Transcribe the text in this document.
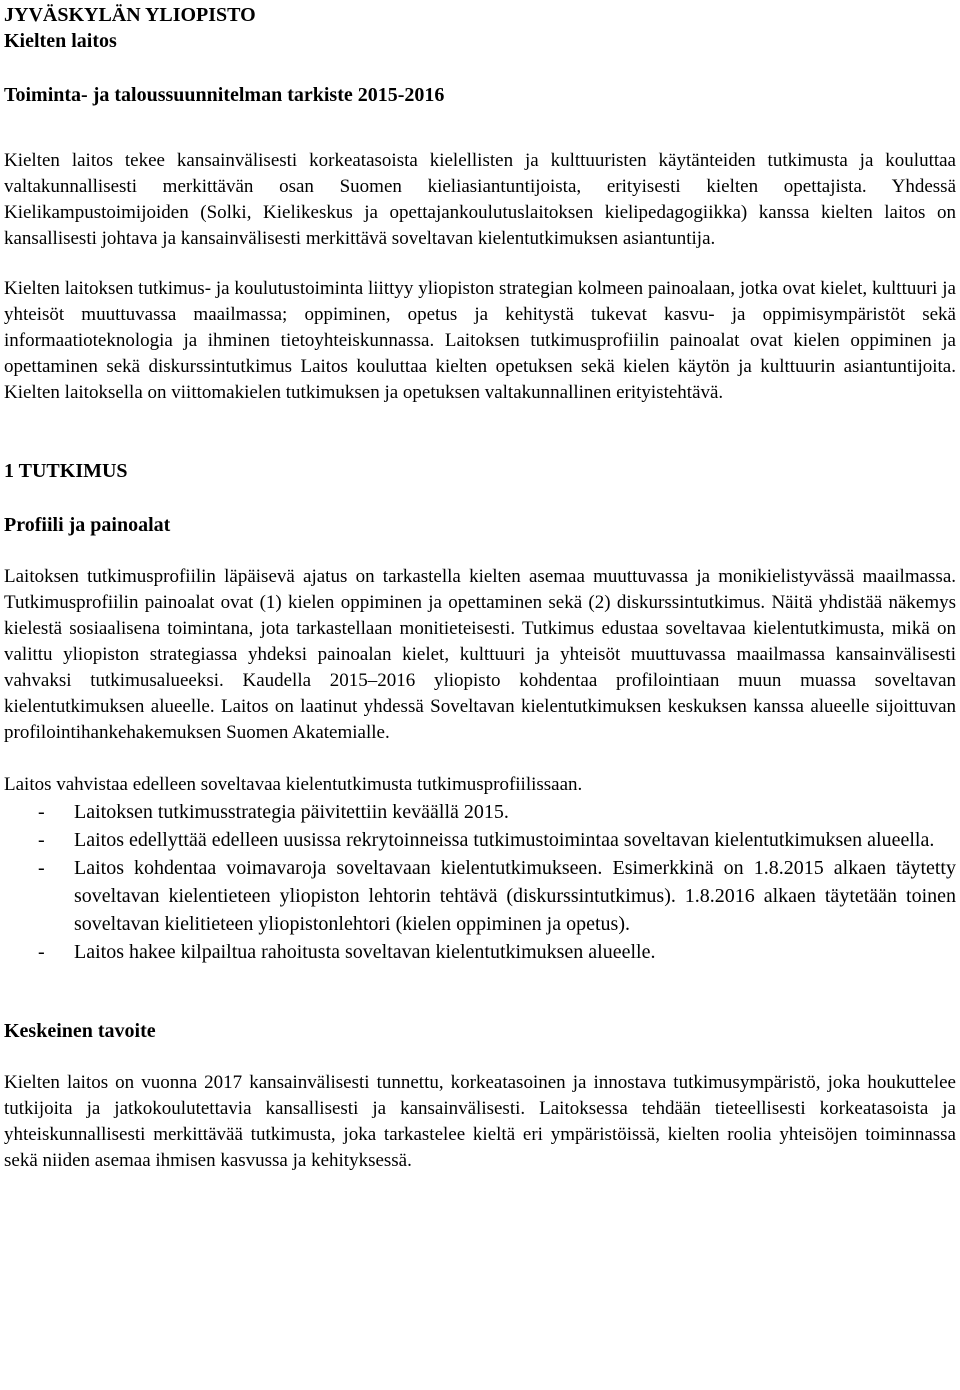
JYVÄSKYLÄN YLIOPISTO
Kielten laitos
Toiminta- ja taloussuunnitelman tarkiste 2015-2016

Kielten laitos tekee kansainvälisesti korkeatasoista kielellisten ja kulttuuristen käytänteiden tutkimusta ja kouluttaa valtakunnallisesti merkittävän osan Suomen kieliasiantuntijoista, erityisesti kielten opettajista. Yhdessä Kielikampustoimijoiden (Solki, Kielikeskus ja opettajankoulutuslaitoksen kielipedagogiikka) kanssa kielten laitos on kansallisesti johtava ja kansainvälisesti merkittävä soveltavan kielentutkimuksen asiantuntija.

Kielten laitoksen tutkimus- ja koulutustoiminta liittyy yliopiston strategian kolmeen painoalaan, jotka ovat kielet, kulttuuri ja yhteisöt muuttuvassa maailmassa; oppiminen, opetus ja kehitystä tukevat kasvu- ja oppimisympäristöt sekä informaatioteknologia ja ihminen tietoyhteiskunnassa. Laitoksen tutkimusprofiilin painoalat ovat kielen oppiminen ja opettaminen sekä diskurssintutkimus Laitos kouluttaa kielten opetuksen sekä kielen käytön ja kulttuurin asiantuntijoita. Kielten laitoksella on viittomakielen tutkimuksen ja opetuksen valtakunnallinen erityistehtävä.

1 TUTKIMUS
Profiili ja painoalat

Laitoksen tutkimusprofiilin läpäisevä ajatus on tarkastella kielten asemaa muuttuvassa ja monikielistyvässä maailmassa. Tutkimusprofiilin painoalat ovat (1) kielen oppiminen ja opettaminen sekä (2) diskurssintutkimus. Näitä yhdistää näkemys kielestä sosiaalisena toimintana, jota tarkastellaan monitieteisesti. Tutkimus edustaa soveltavaa kielentutkimusta, mikä on valittu yliopiston strategiassa yhdeksi painoalan kielet, kulttuuri ja yhteisöt muuttuvassa maailmassa kansainvälisesti vahvaksi tutkimusalueeksi. Kaudella 2015–2016 yliopisto kohdentaa profilointiaan muun muassa soveltavan kielentutkimuksen alueelle. Laitos on laatinut yhdessä Soveltavan kielentutkimuksen keskuksen kanssa alueelle sijoittuvan profilointihankehakemuksen Suomen Akatemialle.

Laitos vahvistaa edelleen soveltavaa kielentutkimusta tutkimusprofiilissaan.

- Laitoksen tutkimusstrategia päivitettiin keväällä 2015.
- Laitos edellyttää edelleen uusissa rekrytoinneissa tutkimustoimintaa soveltavan kielentutkimuksen alueella.
- Laitos kohdentaa voimavaroja soveltavaan kielentutkimukseen. Esimerkkinä on 1.8.2015 alkaen täytetty soveltavan kielentieteen yliopiston lehtorin tehtävä (diskurssintutkimus). 1.8.2016 alkaen täytetään toinen soveltavan kielitieteen yliopistonlehtori (kielen oppiminen ja opetus).
- Laitos hakee kilpailtua rahoitusta soveltavan kielentutkimuksen alueelle.
Keskeinen tavoite

Kielten laitos on vuonna 2017 kansainvälisesti tunnettu, korkeatasoinen ja innostava tutkimusympäristö, joka houkuttelee tutkijoita ja jatkokoulutettavia kansallisesti ja kansainvälisesti. Laitoksessa tehdään tieteellisesti korkeatasoista ja yhteiskunnallisesti merkittävää tutkimusta, joka tarkastelee kieltä eri ympäristöissä, kielten roolia yhteisöjen toiminnassa sekä niiden asemaa ihmisen kasvussa ja kehityksessä.
